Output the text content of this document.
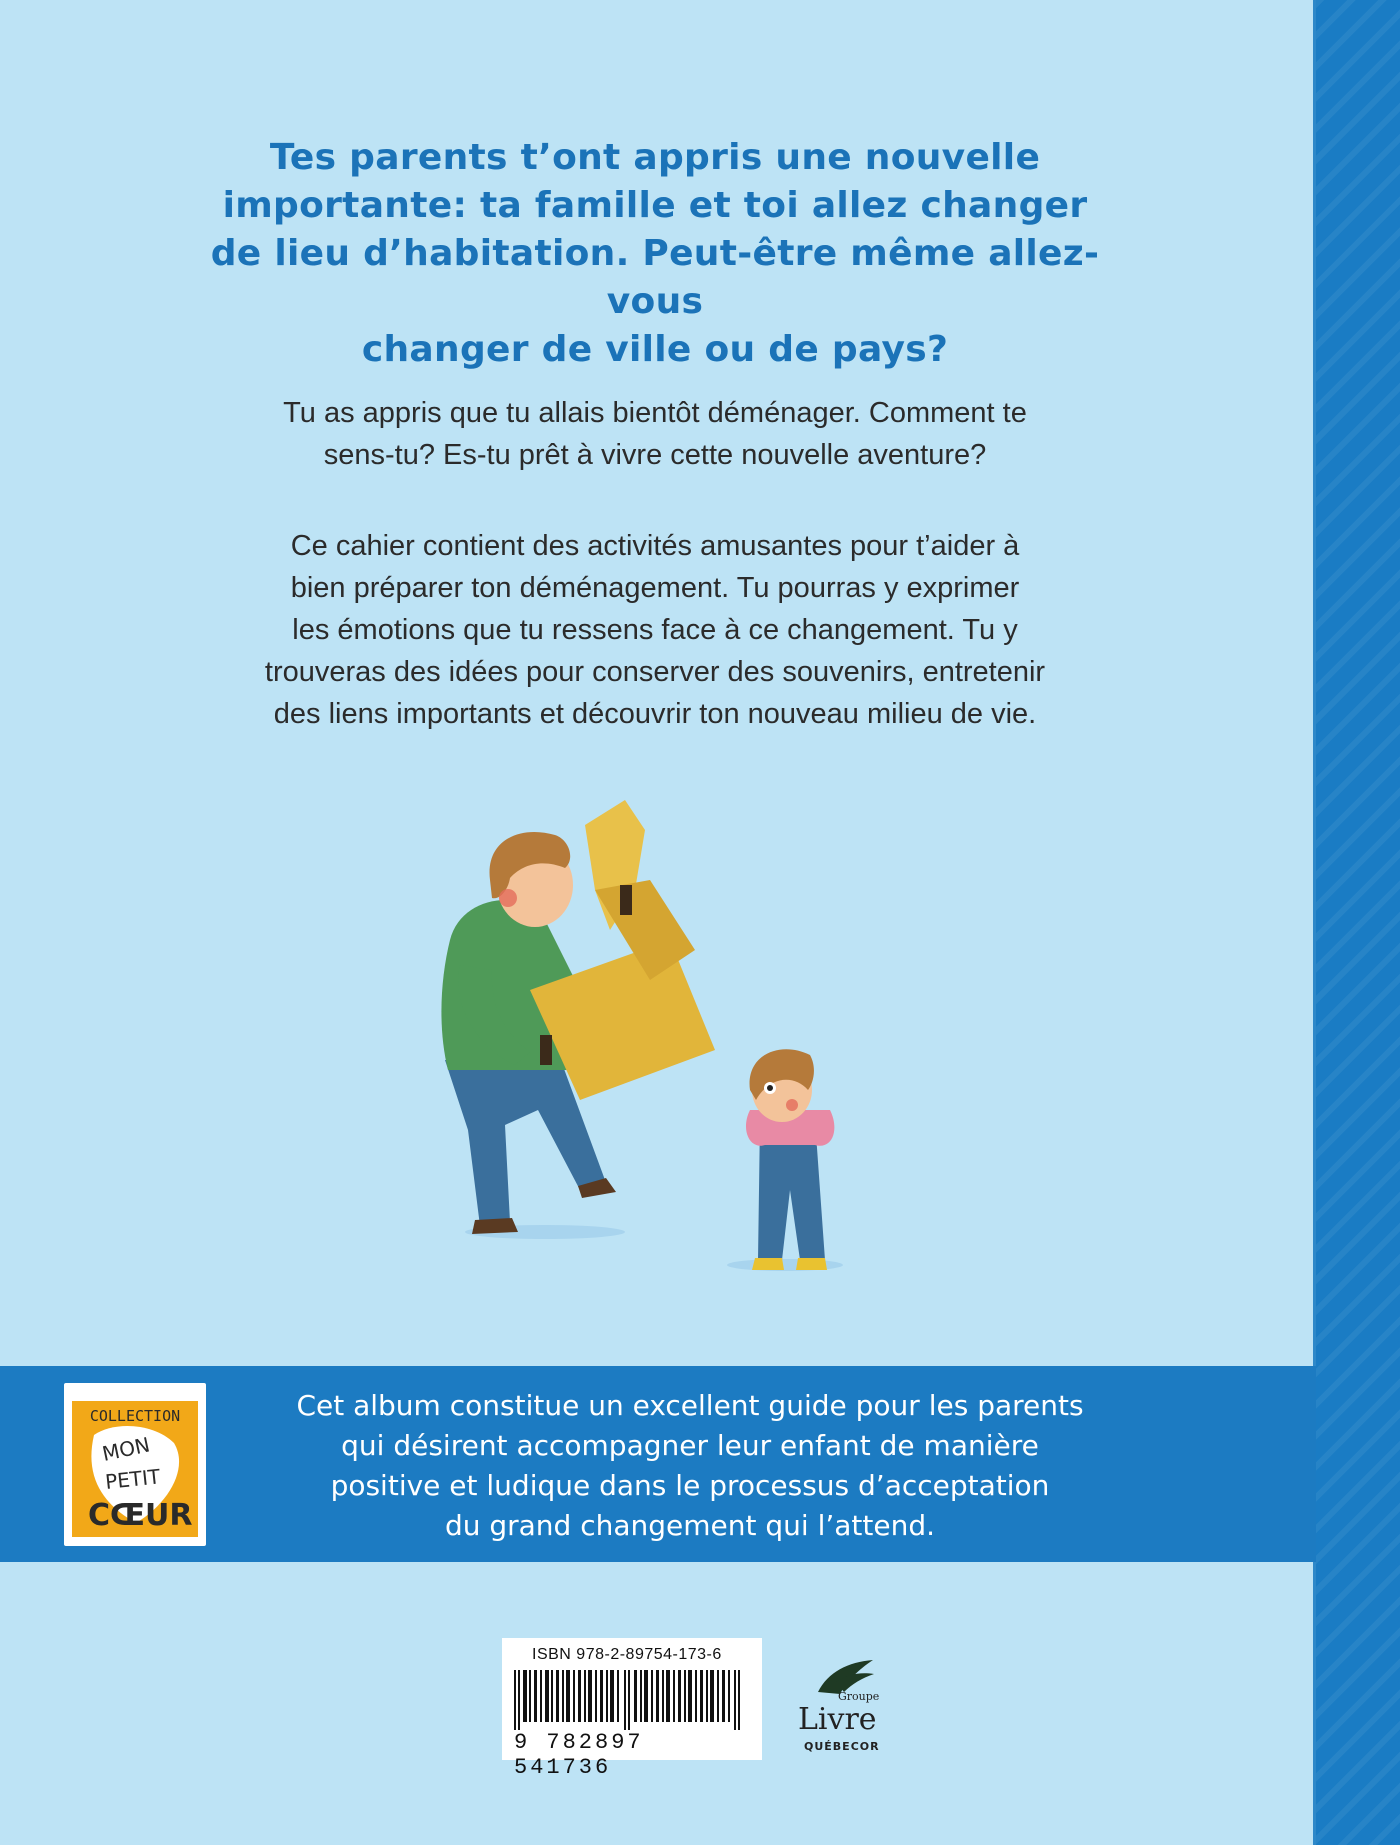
Tes parents t’ont appris une nouvelle
importante: ta famille et toi allez changer
de lieu d’habitation. Peut-être même allez-vous
changer de ville ou de pays?
Tu as appris que tu allais bientôt déménager. Comment te
sens-tu? Es-tu prêt à vivre cette nouvelle aventure?
Ce cahier contient des activités amusantes pour t’aider à
bien préparer ton déménagement. Tu pourras y exprimer
les émotions que tu ressens face à ce changement. Tu y
trouveras des idées pour conserver des souvenirs, entretenir
des liens importants et découvrir ton nouveau milieu de vie.
COLLECTION
MON
PETIT
CŒUR
Cet album constitue un excellent guide pour les parents
qui désirent accompagner leur enfant de manière
positive et ludique dans le processus d’acceptation
du grand changement qui l’attend.
ISBN 978-2-89754-173-6
9 782897 541736
Groupe
Livre
QUÉBECOR
